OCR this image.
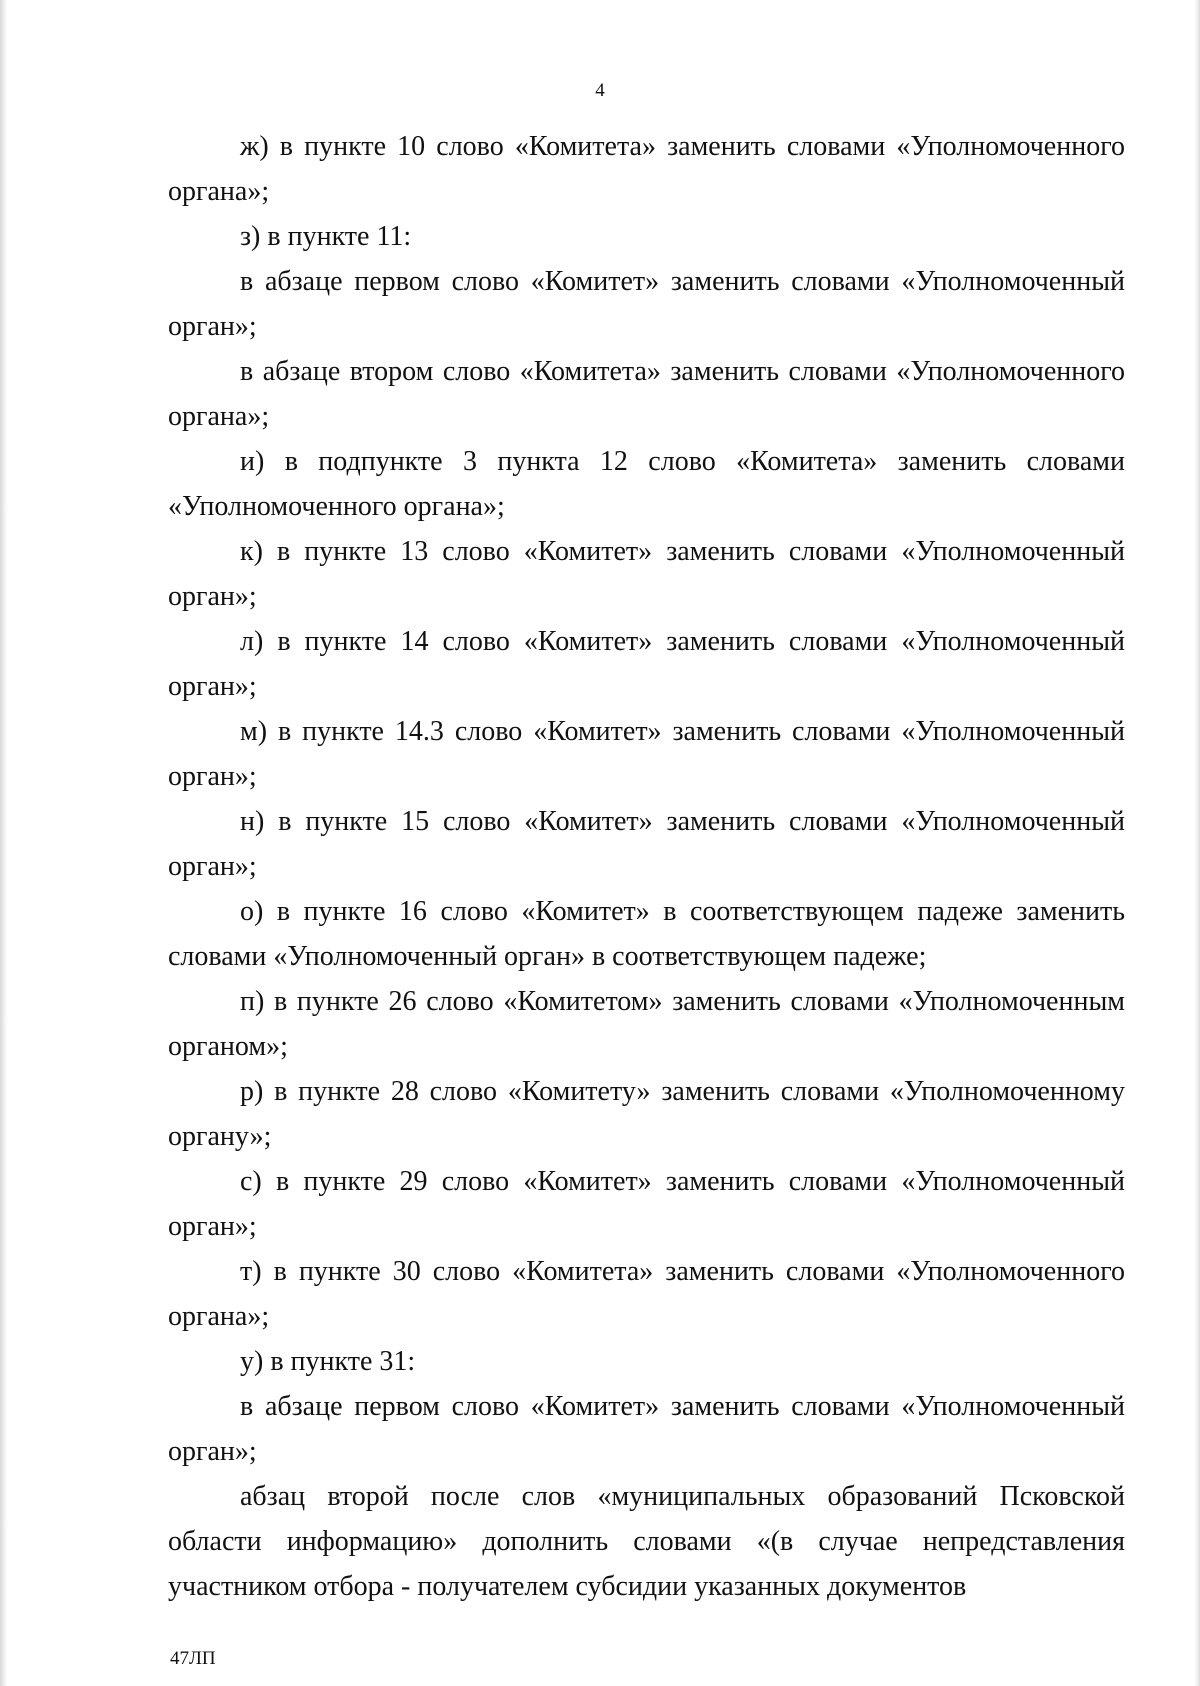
4

ж) в пункте 10 слово «Комитета» заменить словами «Уполномоченного органа»;

з) в пункте 11:

в абзаце первом слово «Комитет» заменить словами «Уполномоченный орган»;

в абзаце втором слово «Комитета» заменить словами «Уполномоченного органа»;

и) в подпункте 3 пункта 12 слово «Комитета» заменить словами «Уполномоченного органа»;

к) в пункте 13 слово «Комитет» заменить словами «Уполномоченный орган»;

л) в пункте 14 слово «Комитет» заменить словами «Уполномоченный орган»;

м) в пункте 14.3 слово «Комитет» заменить словами «Уполномоченный орган»;

н) в пункте 15 слово «Комитет» заменить словами «Уполномоченный орган»;

о) в пункте 16 слово «Комитет» в соответствующем падеже заменить словами «Уполномоченный орган» в соответствующем падеже;

п) в пункте 26 слово «Комитетом» заменить словами «Уполномоченным органом»;

р) в пункте 28 слово «Комитету» заменить словами «Уполномоченному органу»;

с) в пункте 29 слово «Комитет» заменить словами «Уполномоченный орган»;

т) в пункте 30 слово «Комитета» заменить словами «Уполномоченного органа»;

у) в пункте 31:

в абзаце первом слово «Комитет» заменить словами «Уполномоченный орган»;

абзац второй после слов «муниципальных образований Псковской области информацию» дополнить словами «(в случае непредставления участником отбора - получателем субсидии указанных документов

47ЛП
